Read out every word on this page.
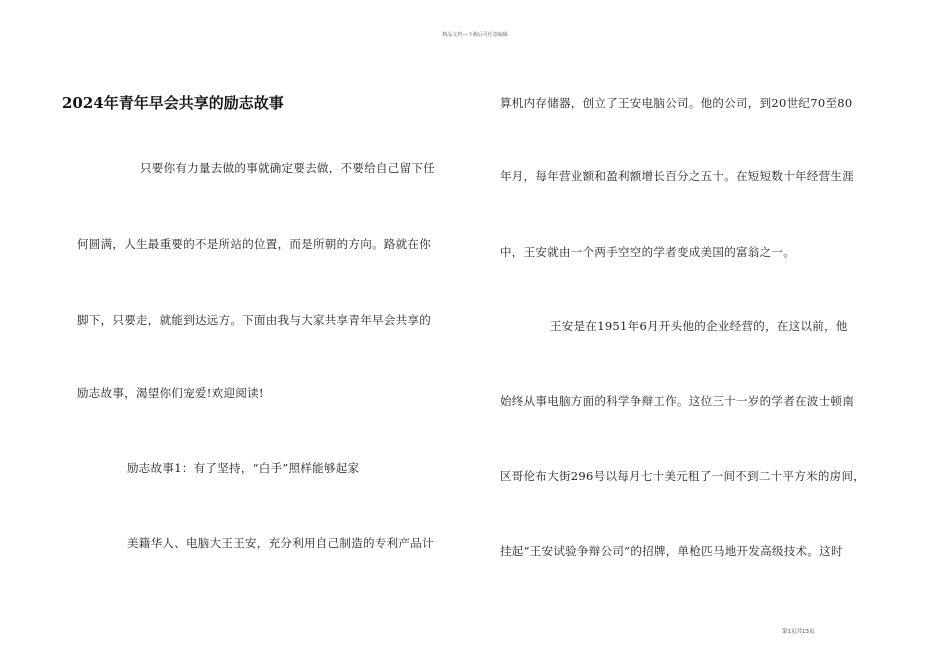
精品文档---下载后可任意编辑
2024年青年早会共享的励志故事
只要你有力量去做的事就确定要去做，不要给自己留下任
何圆满，人生最重要的不是所站的位置，而是所朝的方向。路就在你
脚下，只要走，就能到达远方。下面由我与大家共享青年早会共享的
励志故事，渴望你们宠爱!欢迎阅读!
励志故事1：有了坚持，“白手”照样能够起家
美籍华人、电脑大王王安，充分利用自己制造的专利产品计
算机内存储器，创立了王安电脑公司。他的公司，到20世纪70至80
年月，每年营业额和盈利额增长百分之五十。在短短数十年经营生涯
中，王安就由一个两手空空的学者变成美国的富翁之一。
王安是在1951年6月开头他的企业经营的，在这以前，他
始终从事电脑方面的科学争辩工作。这位三十一岁的学者在波士顿南
区哥伦布大街296号以每月七十美元租了一间不到二十平方米的房间，
挂起“王安试验争辩公司”的招牌，单枪匹马地开发高级技术。这时
第1页共13页
